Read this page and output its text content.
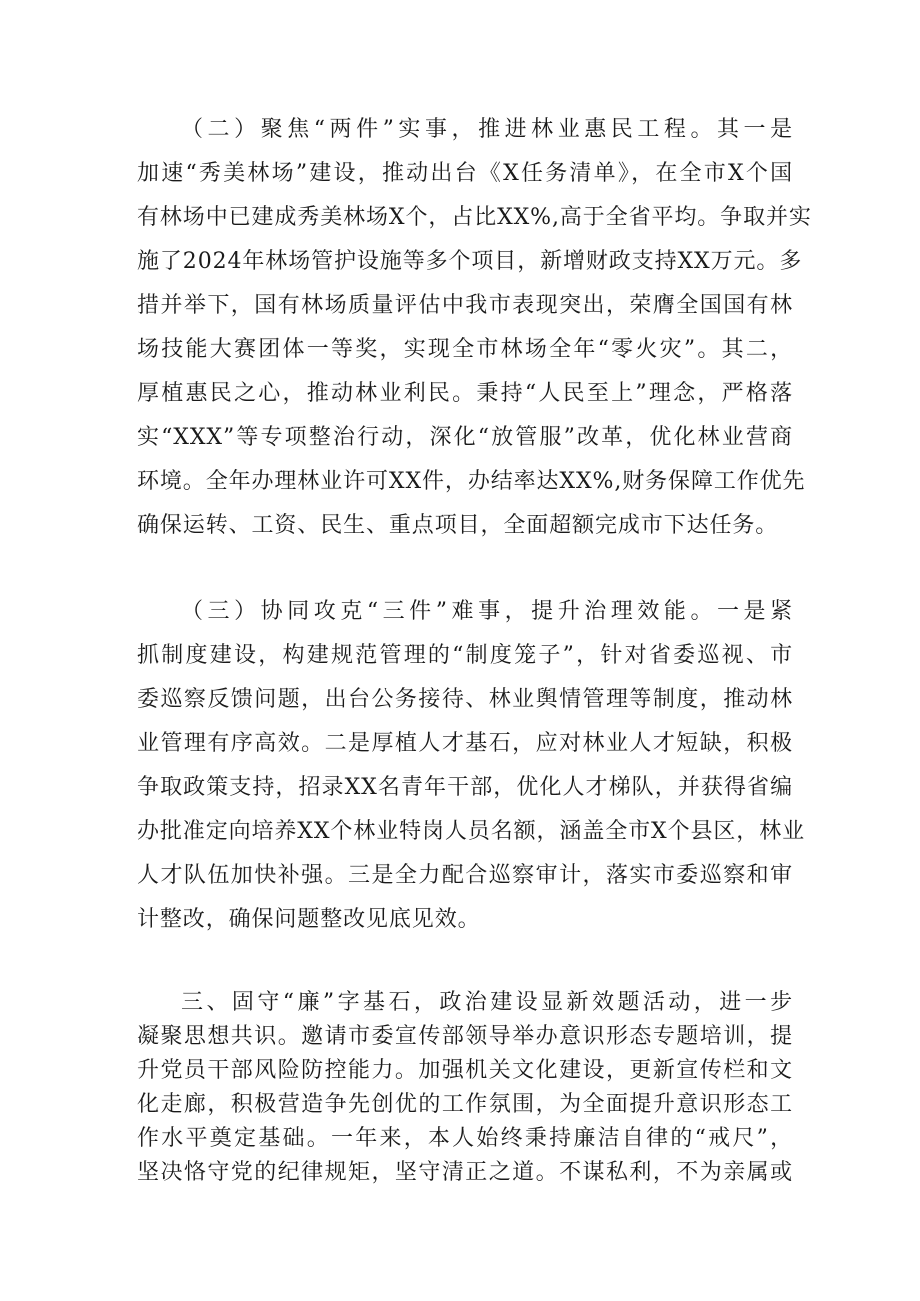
（二）聚焦“两件”实事，推进林业惠民工程。其一是
加速“秀美林场”建设，推动出台《X任务清单》，在全市X个国
有林场中已建成秀美林场X个，占比XX%,高于全省平均。争取并实
施了2024年林场管护设施等多个项目，新增财政支持XX万元。多
措并举下，国有林场质量评估中我市表现突出，荣膺全国国有林
场技能大赛团体一等奖，实现全市林场全年“零火灾”。其二，
厚植惠民之心，推动林业利民。秉持“人民至上”理念，严格落
实“XXX”等专项整治行动，深化“放管服”改革，优化林业营商
环境。全年办理林业许可XX件，办结率达XX%,财务保障工作优先
确保运转、工资、民生、重点项目，全面超额完成市下达任务。
（三）协同攻克“三件”难事，提升治理效能。一是紧
抓制度建设，构建规范管理的“制度笼子”，针对省委巡视、市
委巡察反馈问题，出台公务接待、林业舆情管理等制度，推动林
业管理有序高效。二是厚植人才基石，应对林业人才短缺，积极
争取政策支持，招录XX名青年干部，优化人才梯队，并获得省编
办批准定向培养XX个林业特岗人员名额，涵盖全市X个县区，林业
人才队伍加快补强。三是全力配合巡察审计，落实市委巡察和审
计整改，确保问题整改见底见效。
三、固守“廉”字基石，政治建设显新效题活动，进一步
凝聚思想共识。邀请市委宣传部领导举办意识形态专题培训，提
升党员干部风险防控能力。加强机关文化建设，更新宣传栏和文
化走廊，积极营造争先创优的工作氛围，为全面提升意识形态工
作水平奠定基础。一年来，本人始终秉持廉洁自律的“戒尺”，
坚决恪守党的纪律规矩，坚守清正之道。不谋私利，不为亲属或
